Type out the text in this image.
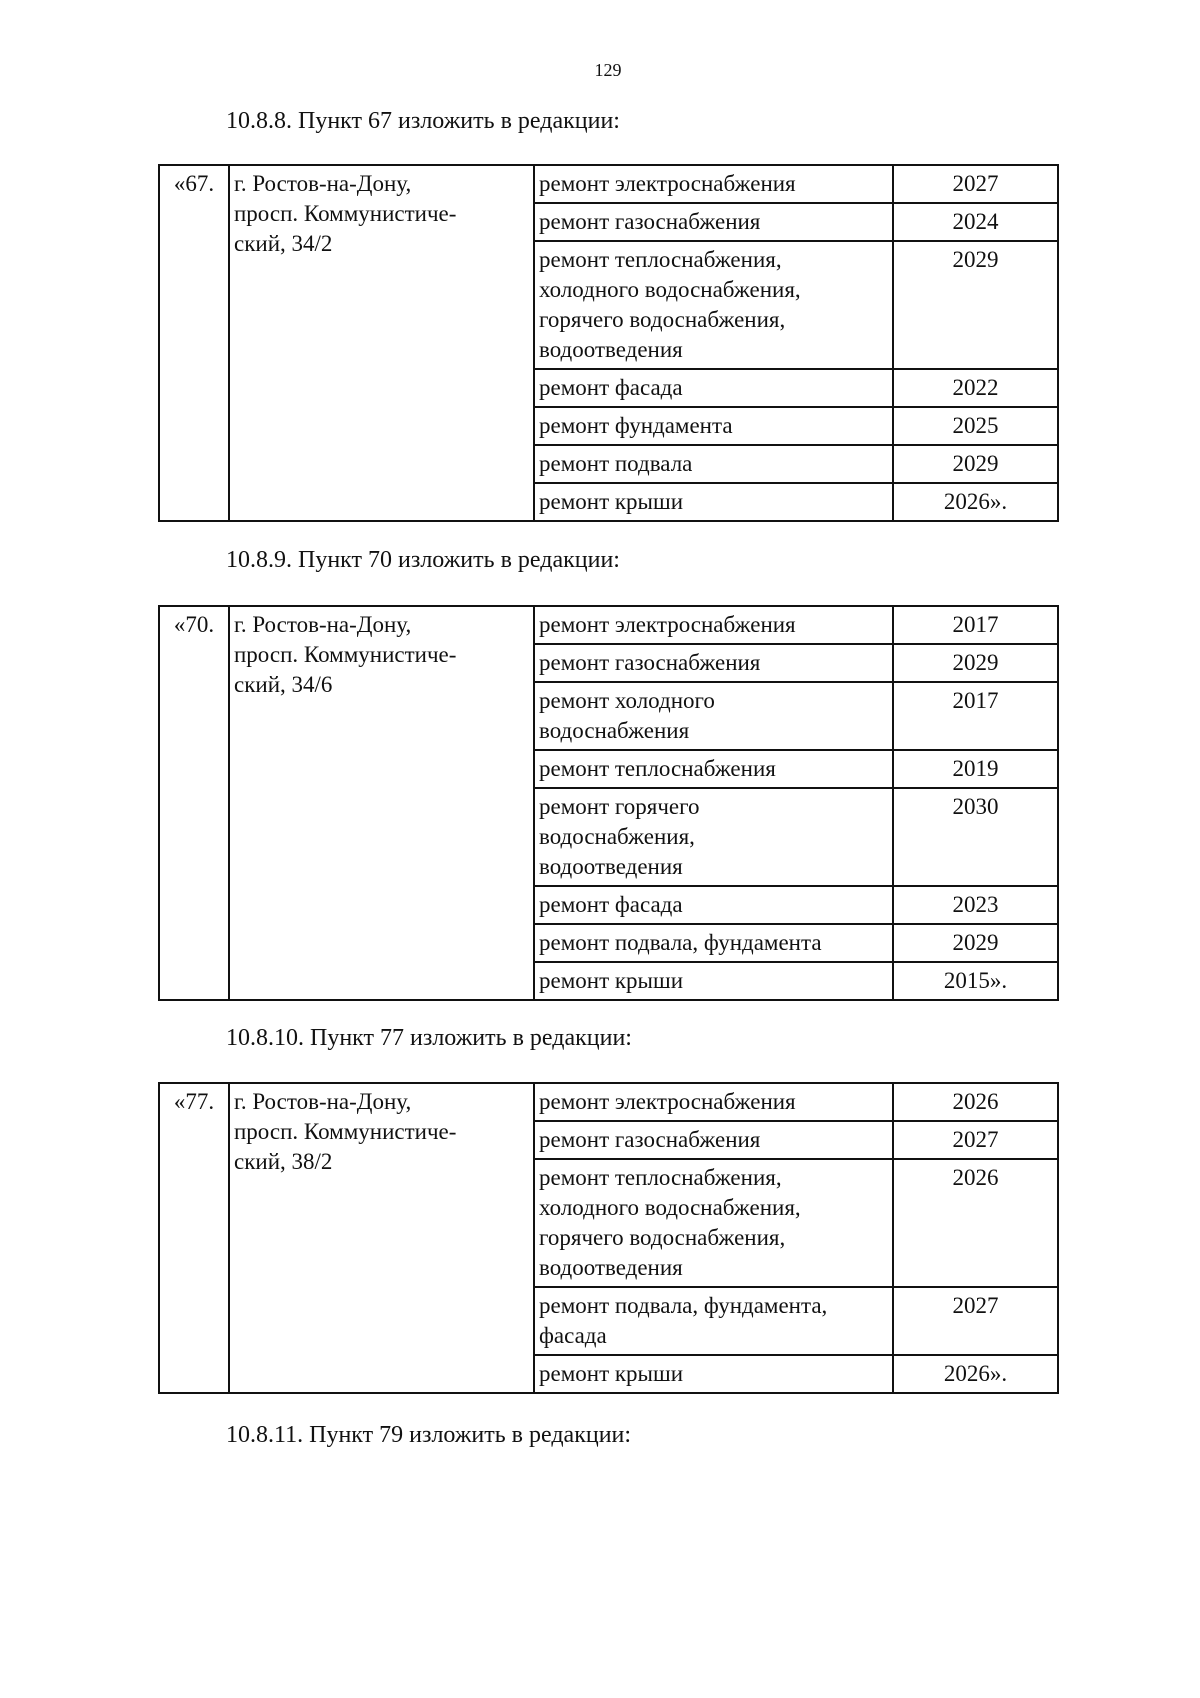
129
10.8.8. Пункт 67 изложить в редакции:
«67.	г. Ростов-на-Дону,
просп. Коммунистиче-
ский, 34/2	ремонт электроснабжения	2027

		ремонт газоснабжения	2024

		ремонт теплоснабжения,
холодного водоснабжения,
горячего водоснабжения,
водоотведения	2029

		ремонт фасада	2022

		ремонт фундамента	2025

		ремонт подвала	2029

		ремонт крыши	2026».
10.8.9. Пункт 70 изложить в редакции:
«70.	г. Ростов-на-Дону,
просп. Коммунистиче-
ский, 34/6	ремонт электроснабжения	2017

		ремонт газоснабжения	2029

		ремонт холодного
водоснабжения	2017

		ремонт теплоснабжения	2019

		ремонт горячего
водоснабжения,
водоотведения	2030

		ремонт фасада	2023

		ремонт подвала, фундамента	2029

		ремонт крыши	2015».
10.8.10. Пункт 77 изложить в редакции:
«77.	г. Ростов-на-Дону,
просп. Коммунистиче-
ский, 38/2	ремонт электроснабжения	2026

		ремонт газоснабжения	2027

		ремонт теплоснабжения,
холодного водоснабжения,
горячего водоснабжения,
водоотведения	2026

		ремонт подвала, фундамента,
фасада	2027

		ремонт крыши	2026».
10.8.11. Пункт 79 изложить в редакции:
